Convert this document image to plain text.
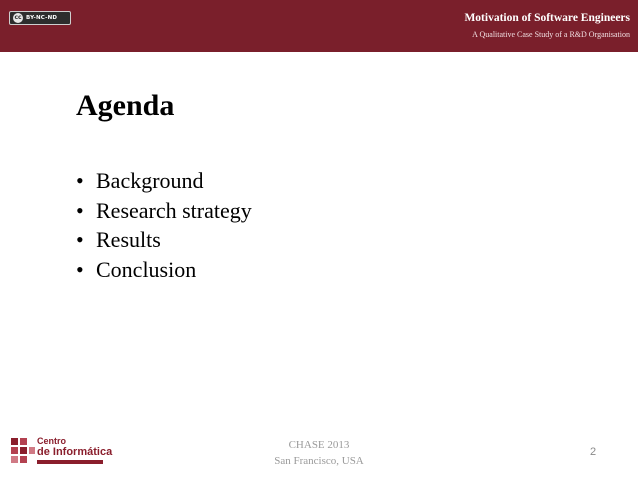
cc BY-NC-ND	Motivation of Software Engineers
A Qualitative Case Study of a R&D Organisation
Agenda
• Background
• Research strategy
• Results
• Conclusion
Centro
de Informática
CHASE 2013
San Francisco, USA
2
